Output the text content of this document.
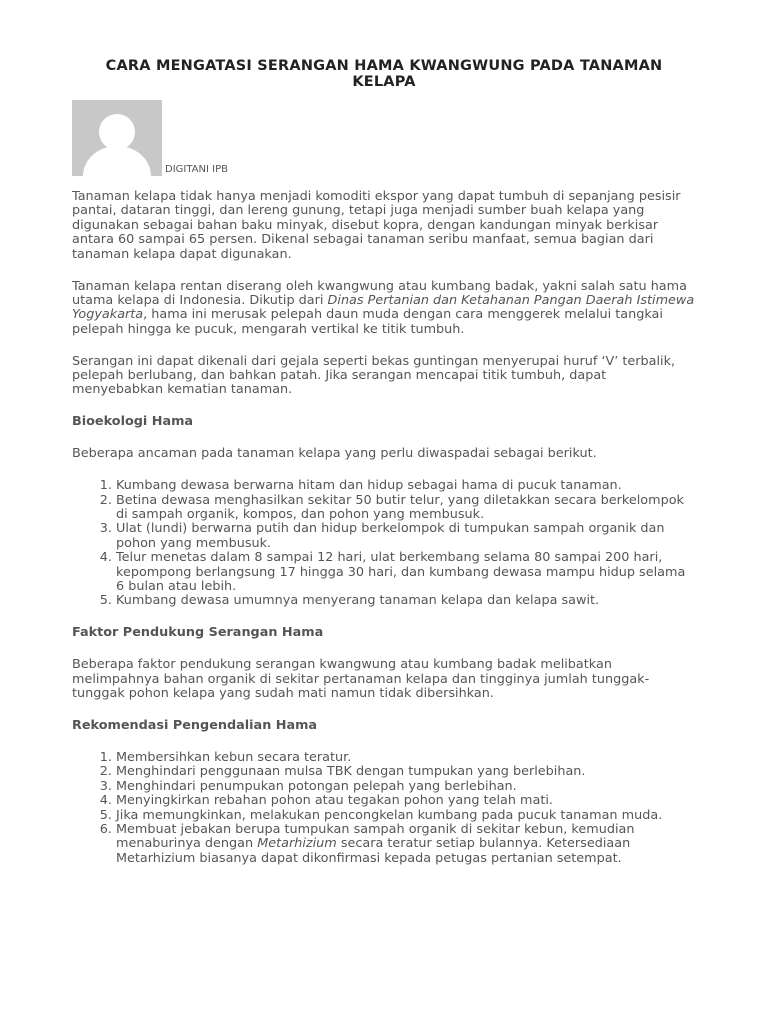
CARA MENGATASI SERANGAN HAMA KWANGWUNG PADA TANAMAN KELAPA
DIGITANI IPB

Tanaman kelapa tidak hanya menjadi komoditi ekspor yang dapat tumbuh di sepanjang pesisir pantai, dataran tinggi, dan lereng gunung, tetapi juga menjadi sumber buah kelapa yang digunakan sebagai bahan baku minyak, disebut kopra, dengan kandungan minyak berkisar antara 60 sampai 65 persen. Dikenal sebagai tanaman seribu manfaat, semua bagian dari tanaman kelapa dapat digunakan.

Tanaman kelapa rentan diserang oleh kwangwung atau kumbang badak, yakni salah satu hama utama kelapa di Indonesia. Dikutip dari Dinas Pertanian dan Ketahanan Pangan Daerah Istimewa Yogyakarta, hama ini merusak pelepah daun muda dengan cara menggerek melalui tangkai pelepah hingga ke pucuk, mengarah vertikal ke titik tumbuh.

Serangan ini dapat dikenali dari gejala seperti bekas guntingan menyerupai huruf ‘V’ terbalik, pelepah berlubang, dan bahkan patah. Jika serangan mencapai titik tumbuh, dapat menyebabkan kematian tanaman.

Bioekologi Hama

Beberapa ancaman pada tanaman kelapa yang perlu diwaspadai sebagai berikut.

1. Kumbang dewasa berwarna hitam dan hidup sebagai hama di pucuk tanaman.
2. Betina dewasa menghasilkan sekitar 50 butir telur, yang diletakkan secara berkelompok di sampah organik, kompos, dan pohon yang membusuk.
3. Ulat (lundi) berwarna putih dan hidup berkelompok di tumpukan sampah organik dan pohon yang membusuk.
4. Telur menetas dalam 8 sampai 12 hari, ulat berkembang selama 80 sampai 200 hari, kepompong berlangsung 17 hingga 30 hari, dan kumbang dewasa mampu hidup selama 6 bulan atau lebih.
5. Kumbang dewasa umumnya menyerang tanaman kelapa dan kelapa sawit.
Faktor Pendukung Serangan Hama

Beberapa faktor pendukung serangan kwangwung atau kumbang badak melibatkan melimpahnya bahan organik di sekitar pertanaman kelapa dan tingginya jumlah tunggak-tunggak pohon kelapa yang sudah mati namun tidak dibersihkan.

Rekomendasi Pengendalian Hama
1. Membersihkan kebun secara teratur.
2. Menghindari penggunaan mulsa TBK dengan tumpukan yang berlebihan.
3. Menghindari penumpukan potongan pelepah yang berlebihan.
4. Menyingkirkan rebahan pohon atau tegakan pohon yang telah mati.
5. Jika memungkinkan, melakukan pencongkelan kumbang pada pucuk tanaman muda.
6. Membuat jebakan berupa tumpukan sampah organik di sekitar kebun, kemudian menaburinya dengan Metarhizium secara teratur setiap bulannya. Ketersediaan Metarhizium biasanya dapat dikonfirmasi kepada petugas pertanian setempat.
